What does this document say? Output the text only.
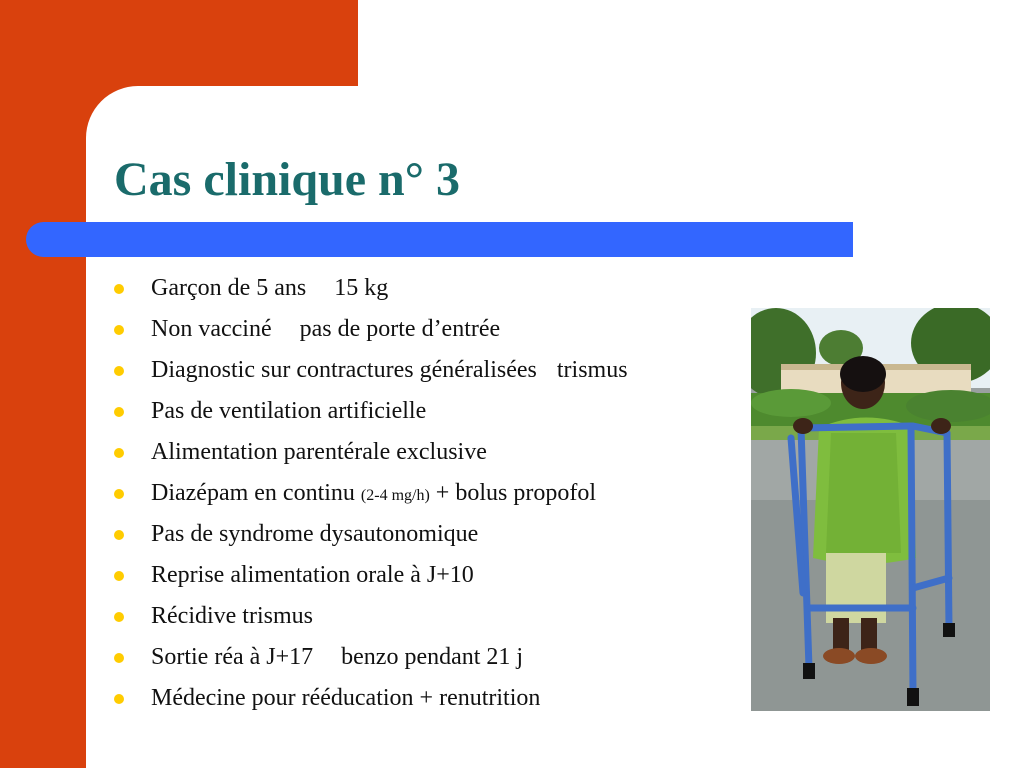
Cas clinique n° 3
Garçon de 5 ans 15 kg
Non vacciné pas de porte d’entrée
Diagnostic sur contractures généralisées trismus
Pas de ventilation artificielle
Alimentation parentérale exclusive
Diazépam en continu (2-4 mg/h) + bolus propofol
Pas de syndrome dysautonomique
Reprise alimentation orale à J+10
Récidive trismus
Sortie réa à J+17 benzo pendant 21 j
Médecine pour rééducation + renutrition
